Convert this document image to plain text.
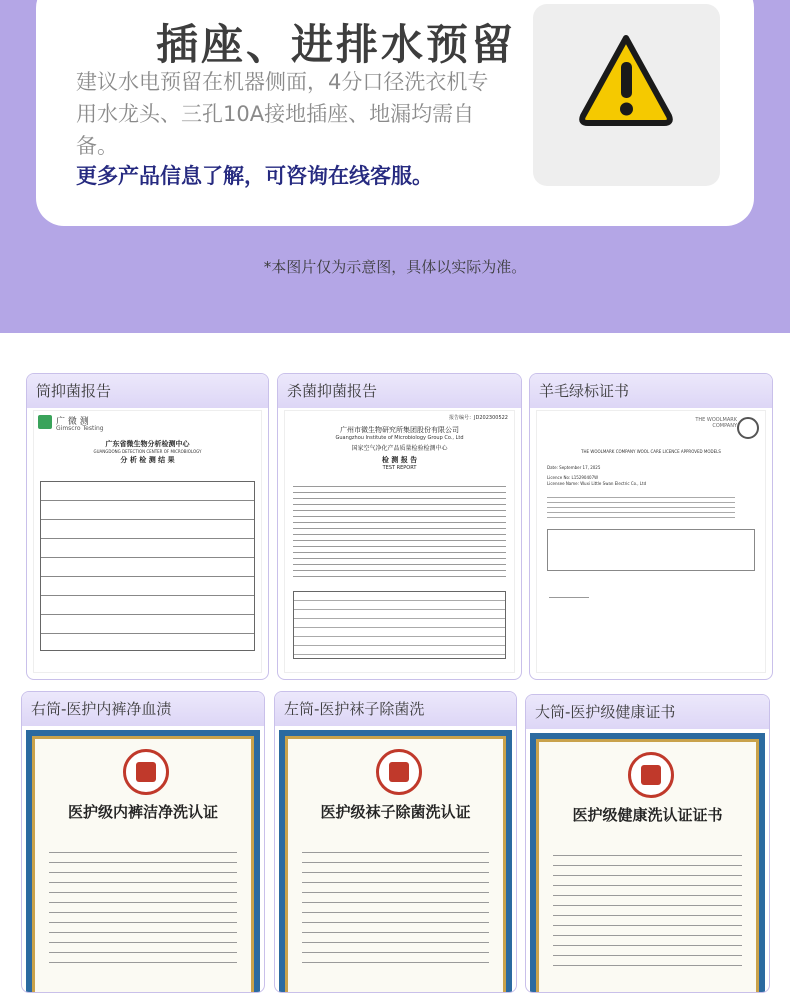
插座、进排水预留
建议水电预留在机器侧面，4分口径洗衣机专用水龙头、三孔10A接地插座、地漏均需自备。
更多产品信息了解，可咨询在线客服。
*本图片仅为示意图，具体以实际为准。
筒抑菌报告
广 微 测
Gimscro Testing
广东省微生物分析检测中心
GUANGDONG DETECTION CENTER OF MICROBIOLOGY
分 析 检 测 结 果
杀菌抑菌报告
报告编号：JD202300522
广州市微生物研究所集团股份有限公司
Guangzhou Institute of Microbiology Group Co., Ltd
国家空气净化产品质量检验检测中心
检 测 报 告
TEST REPORT
羊毛绿标证书
THE WOOLMARK COMPANY
THE WOOLMARK COMPANY WOOL CARE LICENCE APPROVED MODELS
Date: September 17, 2025
Licence No: L15290407W
Licensee Name: Wuxi Little Swan Electric Co., Ltd
右筒-医护内裤净血渍
医护级内裤洁净洗认证
左筒-医护袜子除菌洗
医护级袜子除菌洗认证
大筒-医护级健康证书
医护级健康洗认证证书
